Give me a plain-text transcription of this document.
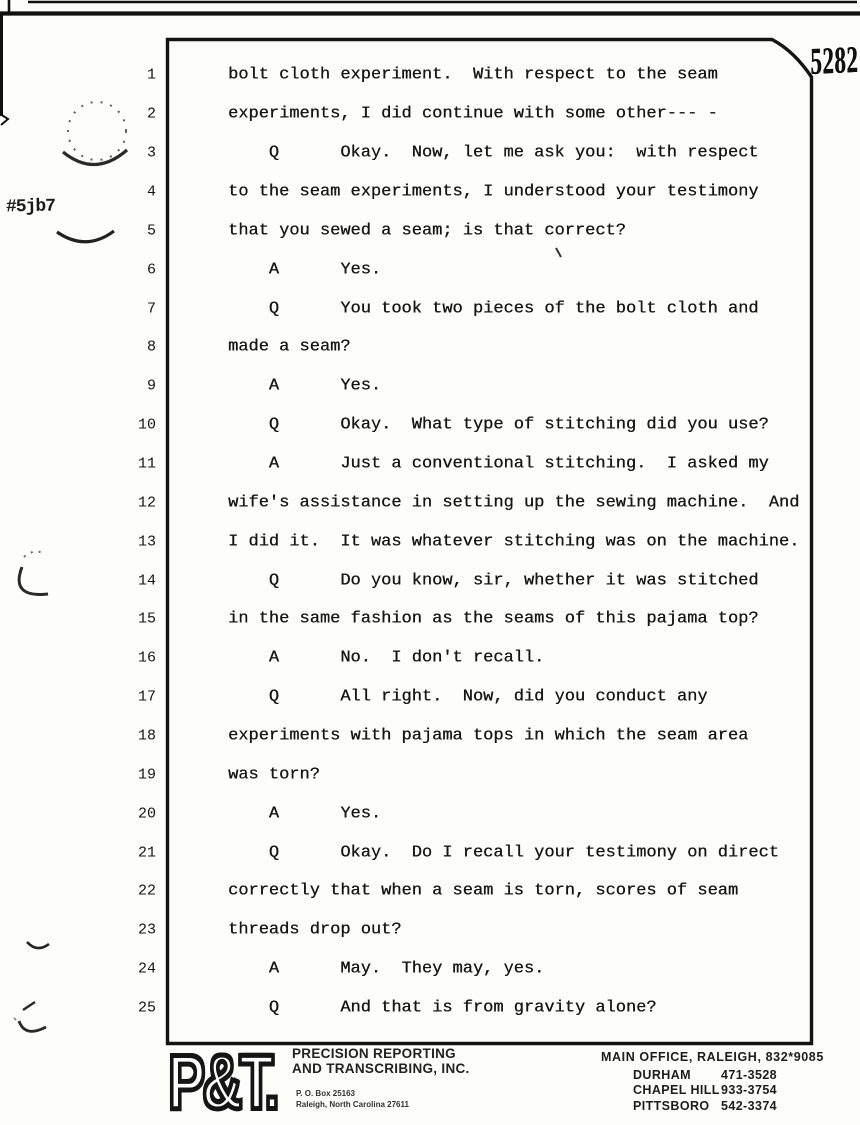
5282
#5jb7
1	bolt cloth experiment.  With respect to the seam
2	experiments, I did continue with some other--- -
3	Q      Okay.  Now, let me ask you:  with respect
4	to the seam experiments, I understood your testimony
5	that you sewed a seam; is that correct?
6	A      Yes.
7	Q      You took two pieces of the bolt cloth and
8	made a seam?
9	A      Yes.
10	Q      Okay.  What type of stitching did you use?
11	A      Just a conventional stitching.  I asked my
12	wife's assistance in setting up the sewing machine.  And
13	I did it.  It was whatever stitching was on the machine.
14	Q      Do you know, sir, whether it was stitched
15	in the same fashion as the seams of this pajama top?
16	A      No.  I don't recall.
17	Q      All right.  Now, did you conduct any
18	experiments with pajama tops in which the seam area
19	was torn?
20	A      Yes.
21	Q      Okay.  Do I recall your testimony on direct
22	correctly that when a seam is torn, scores of seam
23	threads drop out?
24	A      May.  They may, yes.
25	Q      And that is from gravity alone?
P&T. PRECISION REPORTING
AND TRANSCRIBING, INC.
P. O. Box 25163
Raleigh, North Carolina 27611
MAIN OFFICE, RALEIGH, 832*9085
DURHAM 471-3528
CHAPEL HILL933-3754
PITTSBORO 542-3374
